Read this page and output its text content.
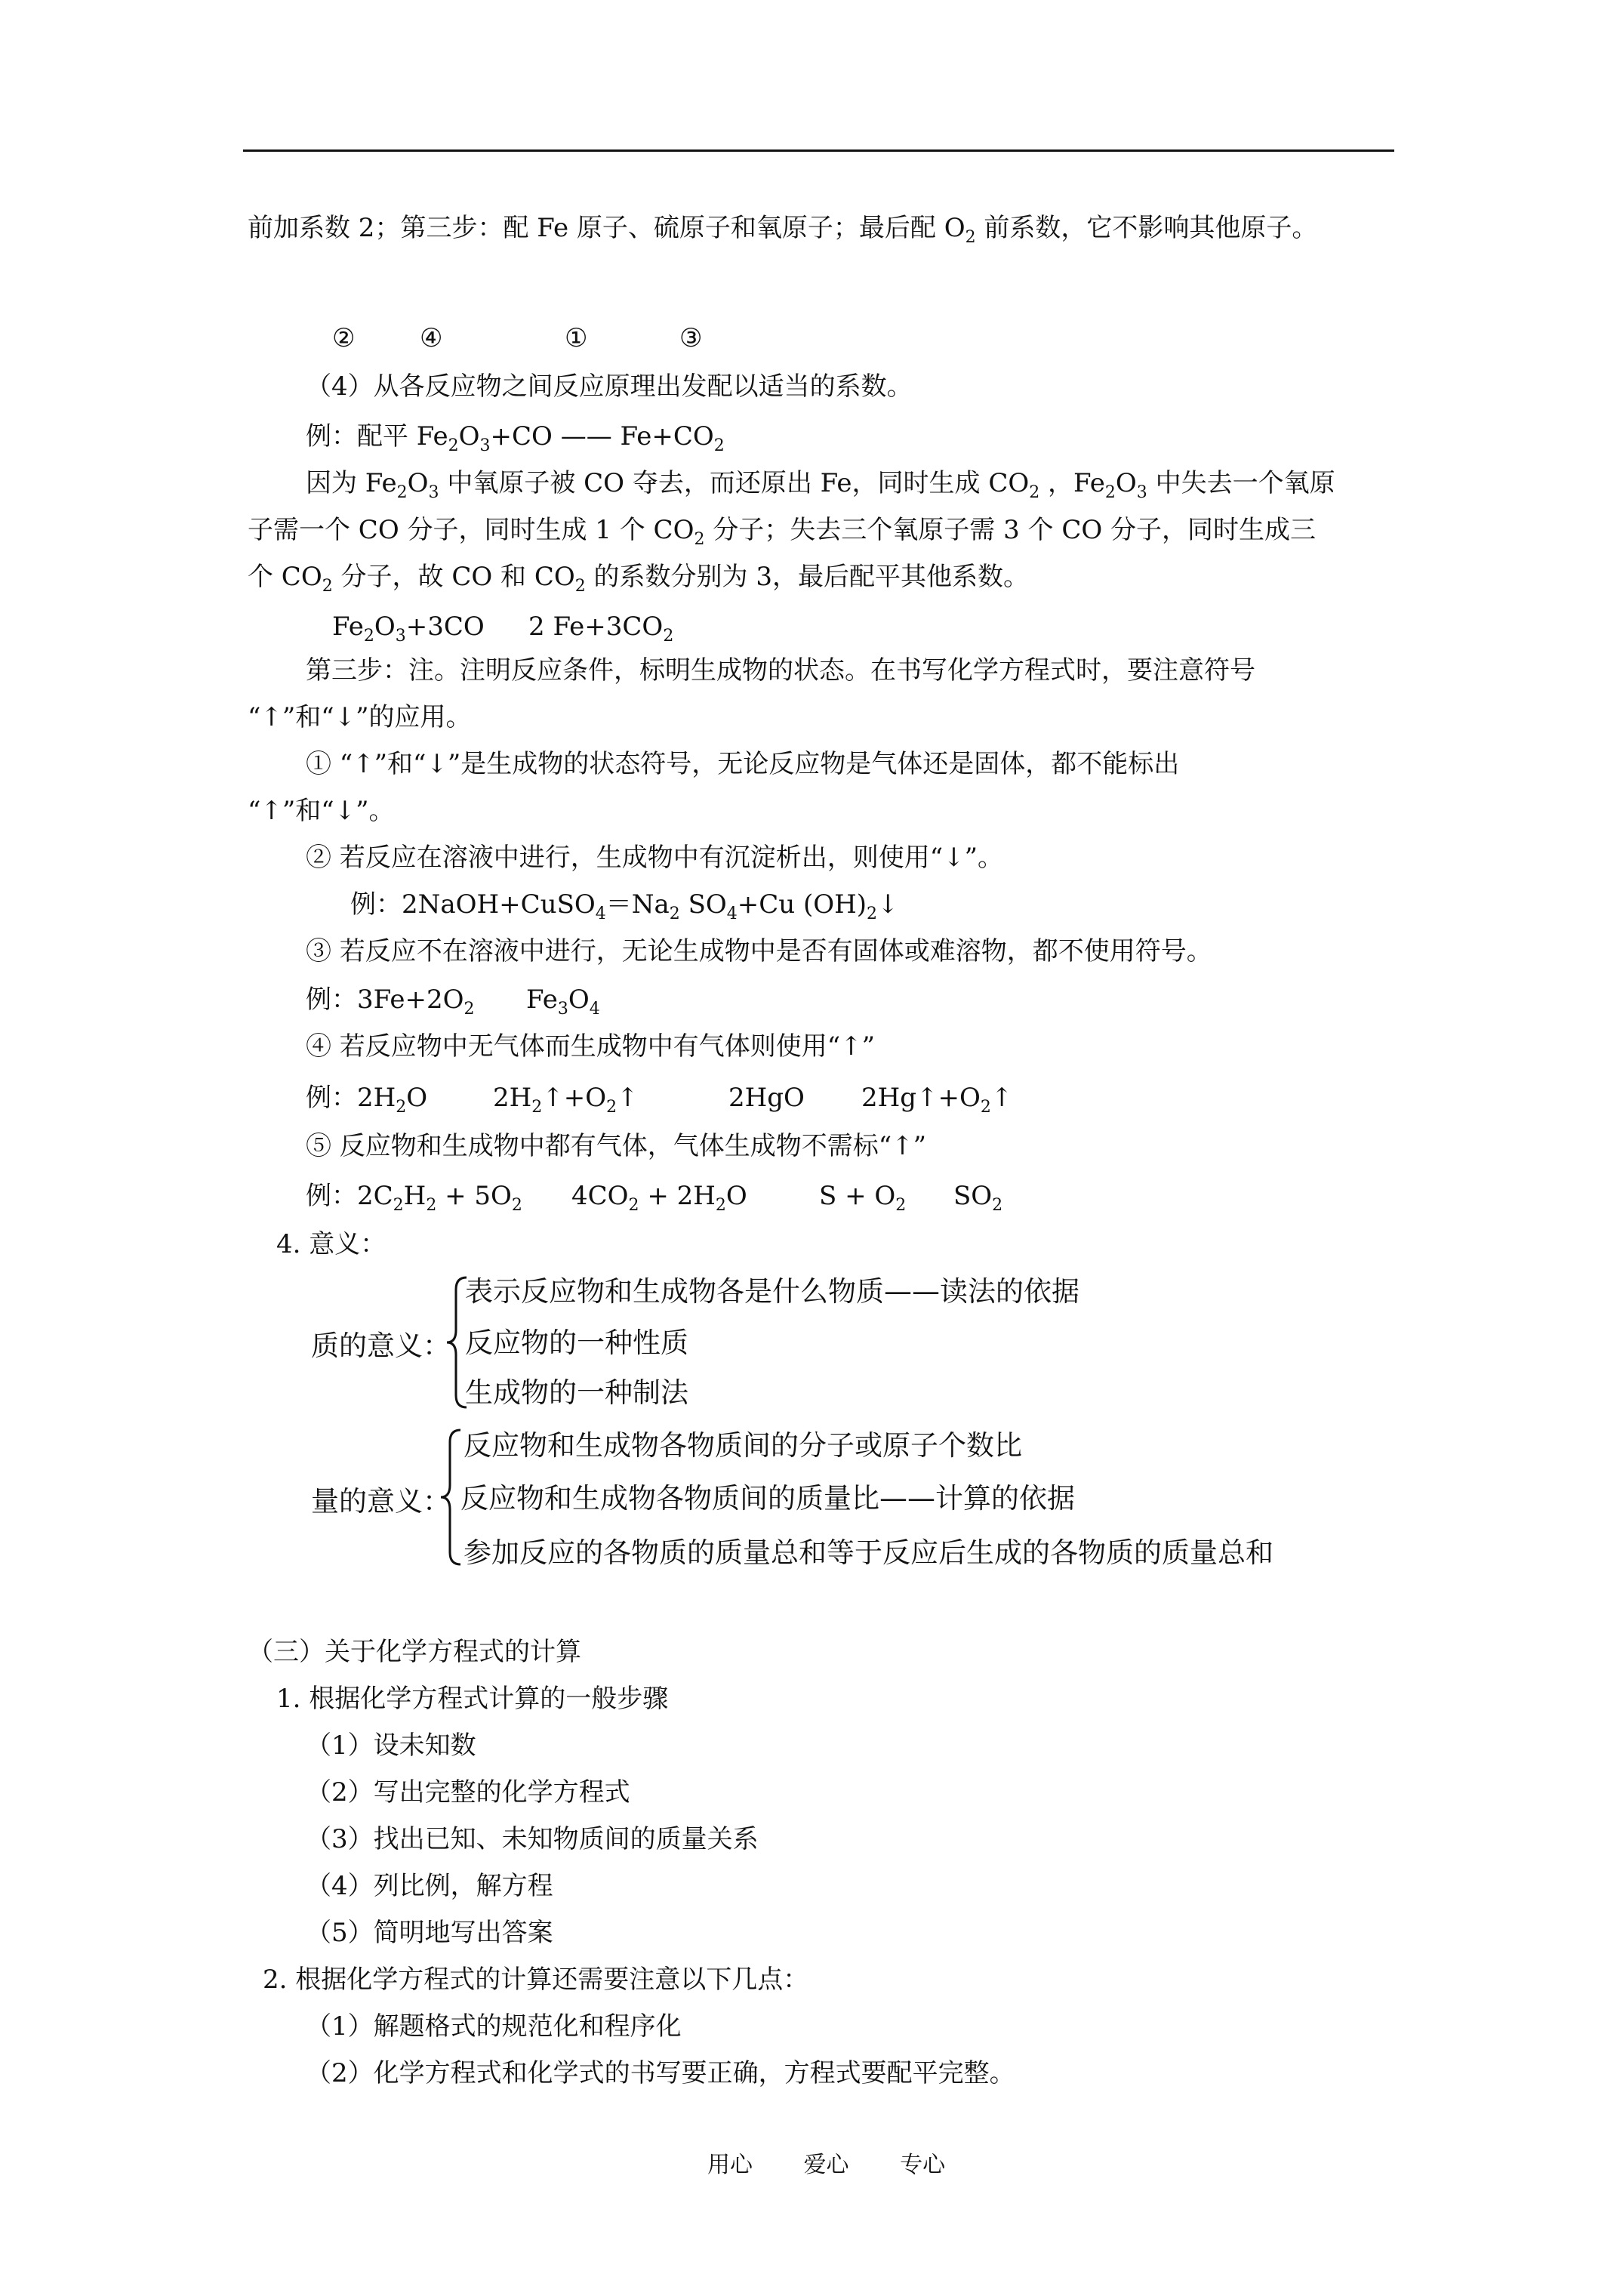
前加系数 2；第三步：配 Fe 原子、硫原子和氧原子；最后配 $O_2$ 前系数，它不影响其他原子。
②	④	①	③
（4）从各反应物之间反应原理出发配以适当的系数。
例：配平 $Fe_2O_3+CO$ —— $Fe+CO_2$
因为 $Fe_2O_3$ 中氧原子被 CO 夺去，而还原出 Fe，同时生成 $CO_2$ ，$Fe_2O_3$ 中失去一个氧原
子需一个 CO 分子，同时生成 1 个 $CO_2$ 分子；失去三个氧原子需 3 个 CO 分子，同时生成三
个 $CO_2$ 分子，故 CO 和 $CO_2$ 的系数分别为 3，最后配平其他系数。
$Fe_2O_3+3CO$ 2 $Fe+3CO_2$
第三步：注。注明反应条件，标明生成物的状态。在书写化学方程式时，要注意符号
“↑”和“↓”的应用。
① “↑”和“↓”是生成物的状态符号，无论反应物是气体还是固体，都不能标出
“↑”和“↓”。
② 若反应在溶液中进行，生成物中有沉淀析出，则使用“↓”。
例：$2NaOH+CuSO_4=Na_2$ $SO_4+Cu$ $(OH)_2↓$
③ 若反应不在溶液中进行，无论生成物中是否有固体或难溶物，都不使用符号。
例：$3Fe+2O_2$ $Fe_3O_4$
④ 若反应物中无气体而生成物中有气体则使用“↑”
例：$2H_2O$	$2H_2↑+O_2↑$	2HgO $2Hg↑+O_2↑$
⑤ 反应物和生成物中都有气体，气体生成物不需标“↑”
例：$2C_2H_2 + 5O_2$ $4CO_2 + 2H_2O$	$S + O_2$ $SO_2$
4. 意义：
质的意义：
表示反应物和生成物各是什么物质——读法的依据
反应物的一种性质
生成物的一种制法
量的意义：
反应物和生成物各物质间的分子或原子个数比
反应物和生成物各物质间的质量比——计算的依据
参加反应的各物质的质量总和等于反应后生成的各物质的质量总和
（三）关于化学方程式的计算
1. 根据化学方程式计算的一般步骤
（1）设未知数
（2）写出完整的化学方程式
（3）找出已知、未知物质间的质量关系
（4）列比例，解方程
（5）简明地写出答案
2. 根据化学方程式的计算还需要注意以下几点：
（1）解题格式的规范化和程序化
（2）化学方程式和化学式的书写要正确，方程式要配平完整。
用心 爱心 专心
